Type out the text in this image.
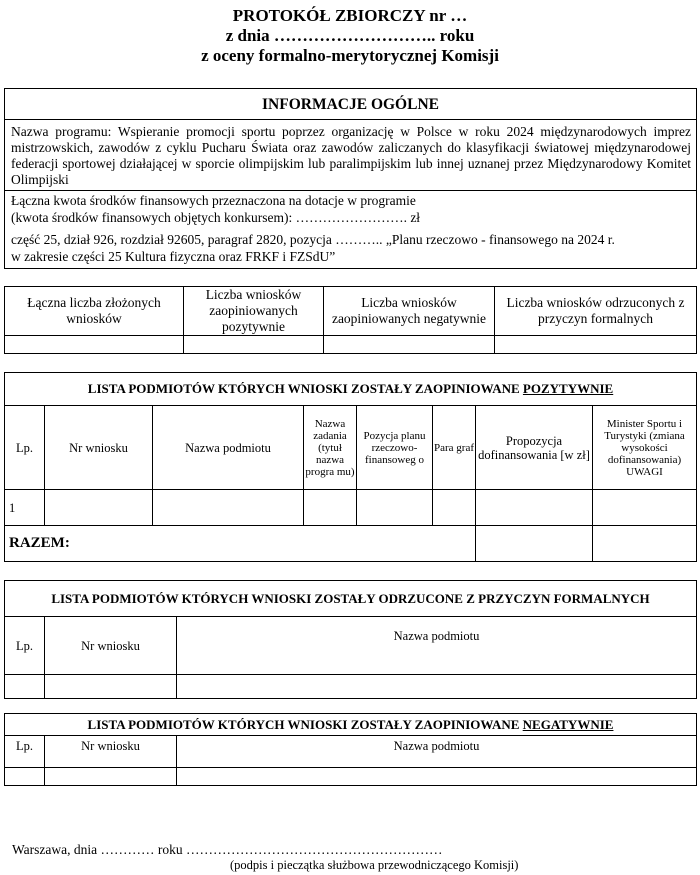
PROTOKÓŁ ZBIORCZY nr …
z dnia ……………………….. roku
z oceny formalno-merytorycznej Komisji
INFORMACJE OGÓLNE
Nazwa programu: Wspieranie promocji sportu poprzez organizację w Polsce w roku 2024 międzynarodowych imprez mistrzowskich, zawodów z cyklu Pucharu Świata oraz zawodów zaliczanych do klasyfikacji światowej międzynarodowej federacji sportowej działającej w sporcie olimpijskim lub paralimpijskim lub innej uznanej przez Międzynarodowy Komitet Olimpijski
Łączna kwota środków finansowych przeznaczona na dotacje w programie
(kwota środków finansowych objętych konkursem): ……………………. zł
część 25, dział 926, rozdział 92605, paragraf 2820, pozycja ……….. „Planu rzeczowo - finansowego na 2024 r.
w zakresie części 25 Kultura fizyczna oraz FRKF i FZSdU”
Łączna liczba złożonych wniosków	Liczba wniosków zaopiniowanych pozytywnie	Liczba wniosków zaopiniowanych negatywnie	Liczba wniosków odrzuconych z przyczyn formalnych

LISTA PODMIOTÓW KTÓRYCH WNIOSKI ZOSTAŁY ZAOPINIOWANE POZYTYWNIE							
Lp.	Nr wniosku	Nazwa podmiotu	Nazwa zadania (tytuł nazwa progra mu)	Pozycja planu rzeczowo-finansoweg o	Para graf	Propozycja dofinansowania [w zł]	Minister Sportu i Turystyki (zmiana wysokości dofinansowania) UWAGI
1							
RAZEM:							
LISTA PODMIOTÓW KTÓRYCH WNIOSKI ZOSTAŁY ODRZUCONE Z PRZYCZYN FORMALNYCH		
Lp.	Nr wniosku	Nazwa podmiotu

LISTA PODMIOTÓW KTÓRYCH WNIOSKI ZOSTAŁY ZAOPINIOWANE NEGATYWNIE		
Lp.	Nr wniosku	Nazwa podmiotu

Warszawa, dnia ………… roku …………………………………………………
(podpis i pieczątka służbowa przewodniczącego Komisji)
